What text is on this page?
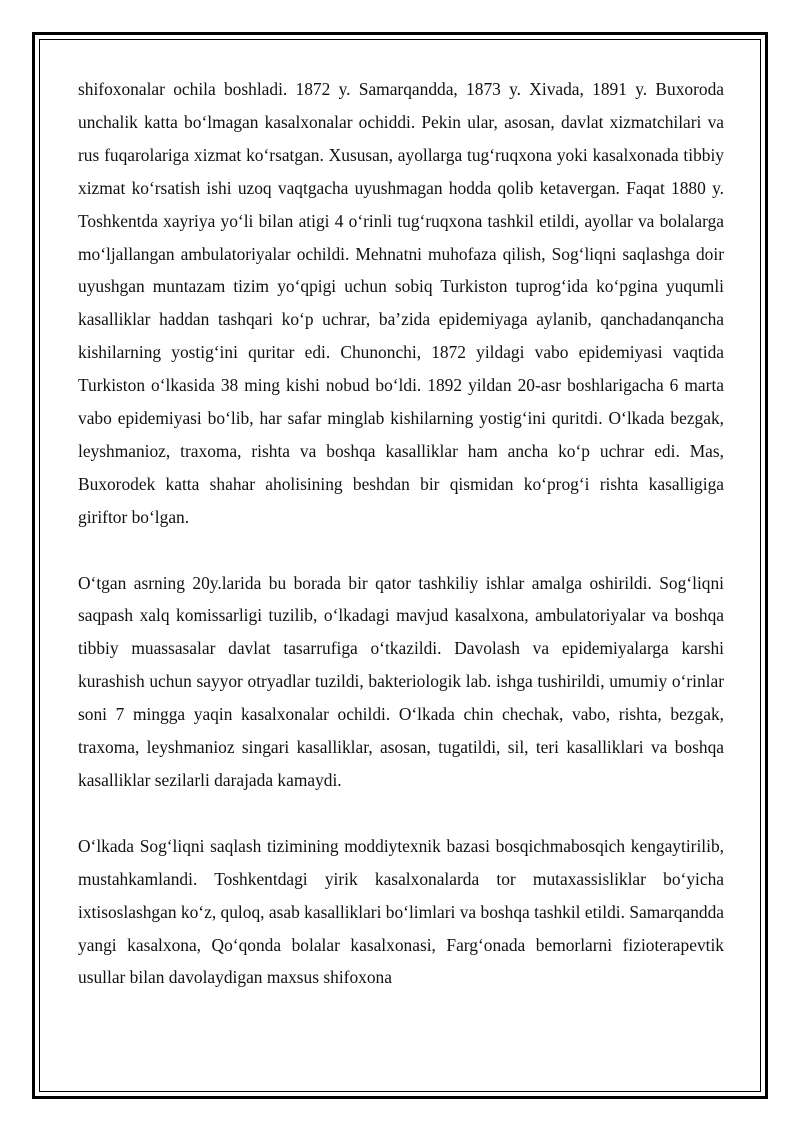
shifoxonalar ochila boshladi. 1872 y. Samarqandda, 1873 y. Xivada, 1891 y. Buxoroda unchalik katta boʻlmagan kasalxonalar ochiddi. Pekin ular, asosan, davlat xizmatchilari va rus fuqarolariga xizmat koʻrsatgan. Xususan, ayollarga tugʻruqxona yoki kasalxonada tibbiy xizmat koʻrsatish ishi uzoq vaqtgacha uyushmagan hodda qolib ketavergan. Faqat 1880 y. Toshkentda xayriya yoʻli bilan atigi 4 oʻrinli tugʻruqxona tashkil etildi, ayollar va bolalarga moʻljallangan ambulatoriyalar ochildi. Mehnatni muhofaza qilish, Sogʻliqni saqlashga doir uyushgan muntazam tizim yoʻqpigi uchun sobiq Turkiston tuprogʻida koʻpgina yuqumli kasalliklar haddan tashqari koʻp uchrar, baʼzida epidemiyaga aylanib, qanchadanqancha kishilarning yostigʻini quritar edi. Chunonchi, 1872 yildagi vabo epidemiyasi vaqtida Turkiston oʻlkasida 38 ming kishi nobud boʻldi. 1892 yildan 20-asr boshlarigacha 6 marta vabo epidemiyasi boʻlib, har safar minglab kishilarning yostigʻini quritdi. Oʻlkada bezgak, leyshmanioz, traxoma, rishta va boshqa kasalliklar ham ancha koʻp uchrar edi. Mas, Buxorodek katta shahar aholisining beshdan bir qismidan koʻprogʻi rishta kasalligiga giriftor boʻlgan.

Oʻtgan asrning 20y.larida bu borada bir qator tashkiliy ishlar amalga oshirildi. Sogʻliqni saqpash xalq komissarligi tuzilib, oʻlkadagi mavjud kasalxona, ambulatoriyalar va boshqa tibbiy muassasalar davlat tasarrufiga oʻtkazildi. Davolash va epidemiyalarga karshi kurashish uchun sayyor otryadlar tuzildi, bakteriologik lab. ishga tushirildi, umumiy oʻrinlar soni 7 mingga yaqin kasalxonalar ochildi. Oʻlkada chin chechak, vabo, rishta, bezgak, traxoma, leyshmanioz singari kasalliklar, asosan, tugatildi, sil, teri kasalliklari va boshqa kasalliklar sezilarli darajada kamaydi.

Oʻlkada Sogʻliqni saqlash tizimining moddiytexnik bazasi bosqichmabosqich kengaytirilib, mustahkamlandi. Toshkentdagi yirik kasalxonalarda tor mutaxassisliklar boʻyicha ixtisoslashgan koʻz, quloq, asab kasalliklari boʻlimlari va boshqa tashkil etildi. Samarqandda yangi kasalxona, Qoʻqonda bolalar kasalxonasi, Fargʻonada bemorlarni fizioterapevtik usullar bilan davolaydigan maxsus shifoxona
